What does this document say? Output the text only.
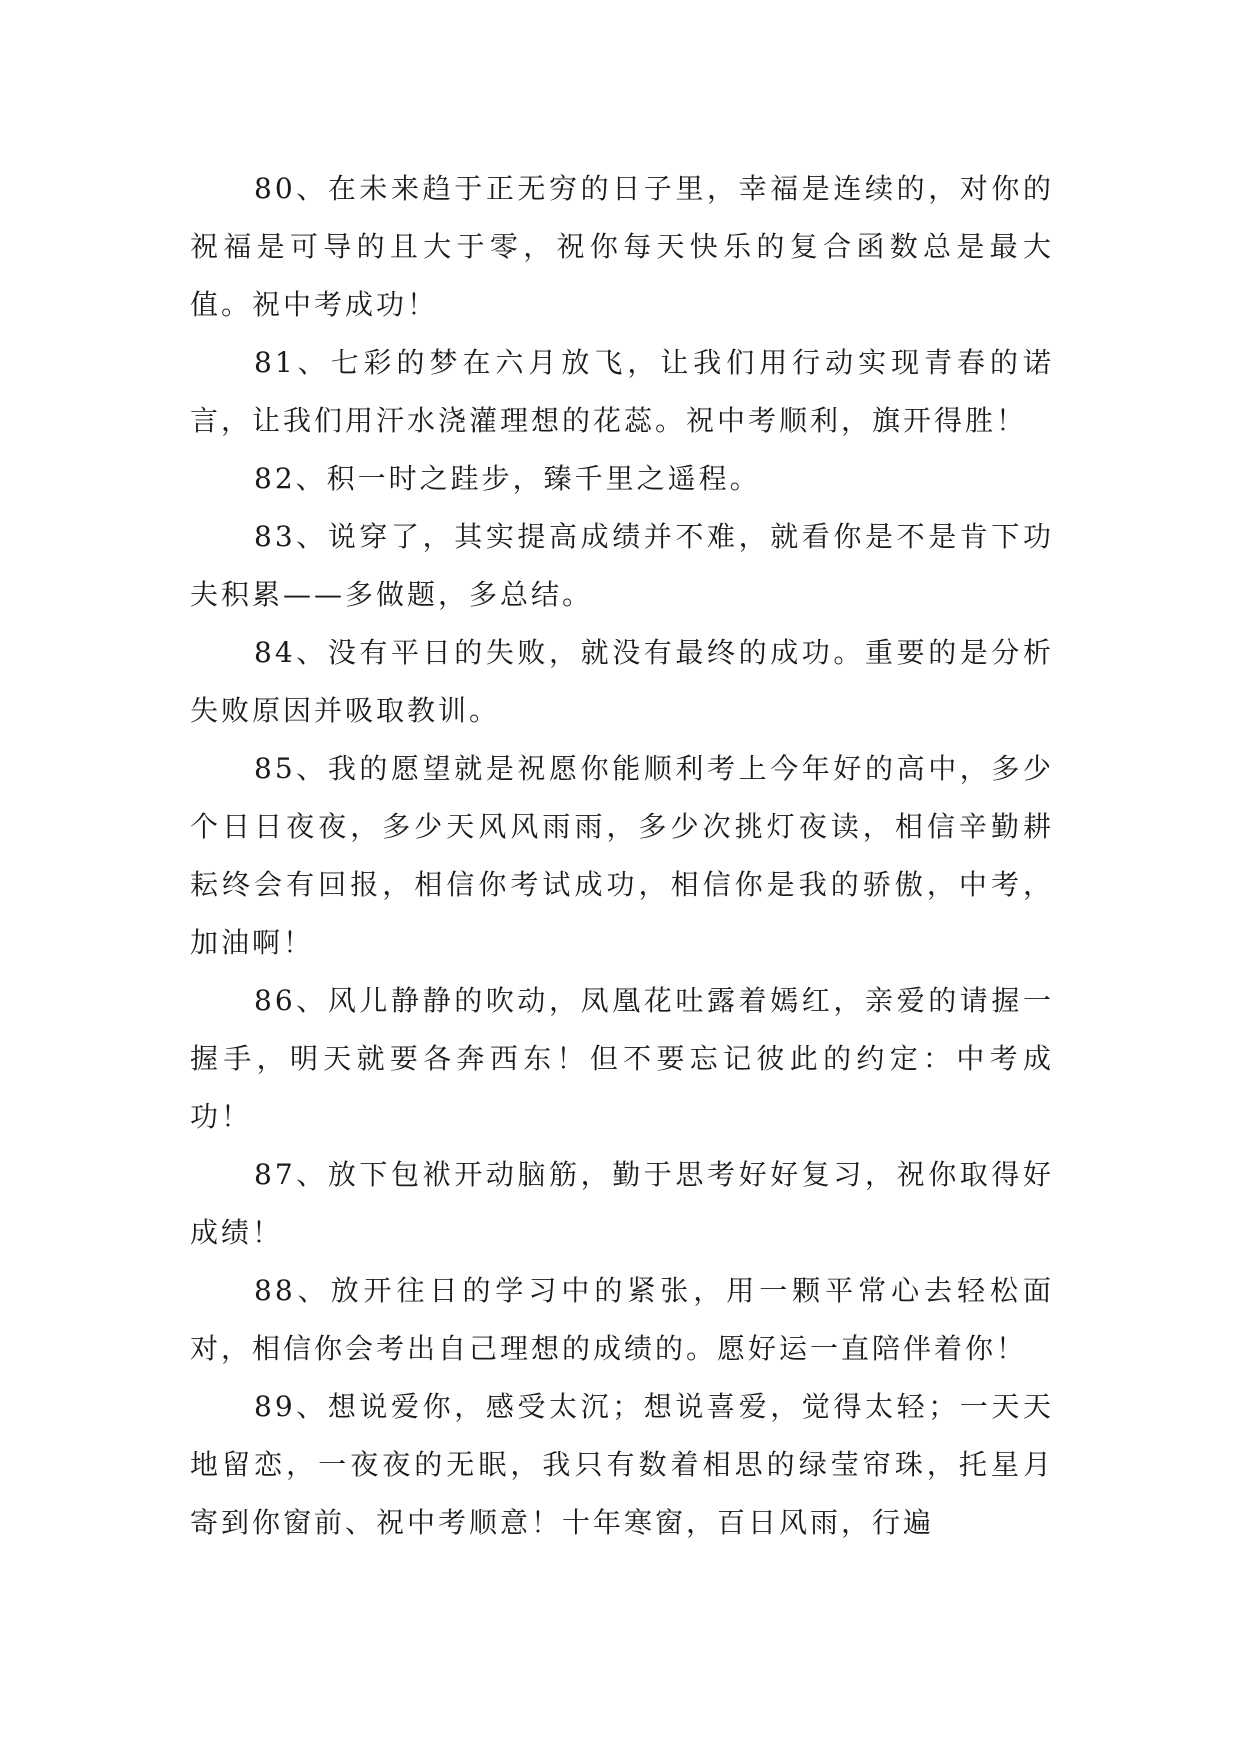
80、在未来趋于正无穷的日子里，幸福是连续的，对你的祝福是可导的且大于零，祝你每天快乐的复合函数总是最大值。祝中考成功！

81、七彩的梦在六月放飞，让我们用行动实现青春的诺言，让我们用汗水浇灌理想的花蕊。祝中考顺利，旗开得胜！

82、积一时之跬步，臻千里之遥程。

83、说穿了，其实提高成绩并不难，就看你是不是肯下功夫积累——多做题，多总结。

84、没有平日的失败，就没有最终的成功。重要的是分析失败原因并吸取教训。

85、我的愿望就是祝愿你能顺利考上今年好的高中，多少个日日夜夜，多少天风风雨雨，多少次挑灯夜读，相信辛勤耕耘终会有回报，相信你考试成功，相信你是我的骄傲，中考，加油啊！

86、风儿静静的吹动，凤凰花吐露着嫣红，亲爱的请握一握手，明天就要各奔西东！但不要忘记彼此的约定：中考成功！

87、放下包袱开动脑筋，勤于思考好好复习，祝你取得好成绩！

88、放开往日的学习中的紧张，用一颗平常心去轻松面对，相信你会考出自己理想的成绩的。愿好运一直陪伴着你！

89、想说爱你，感受太沉；想说喜爱，觉得太轻；一天天地留恋，一夜夜的无眠，我只有数着相思的绿莹帘珠，托星月寄到你窗前、祝中考顺意！十年寒窗，百日风雨，行遍
